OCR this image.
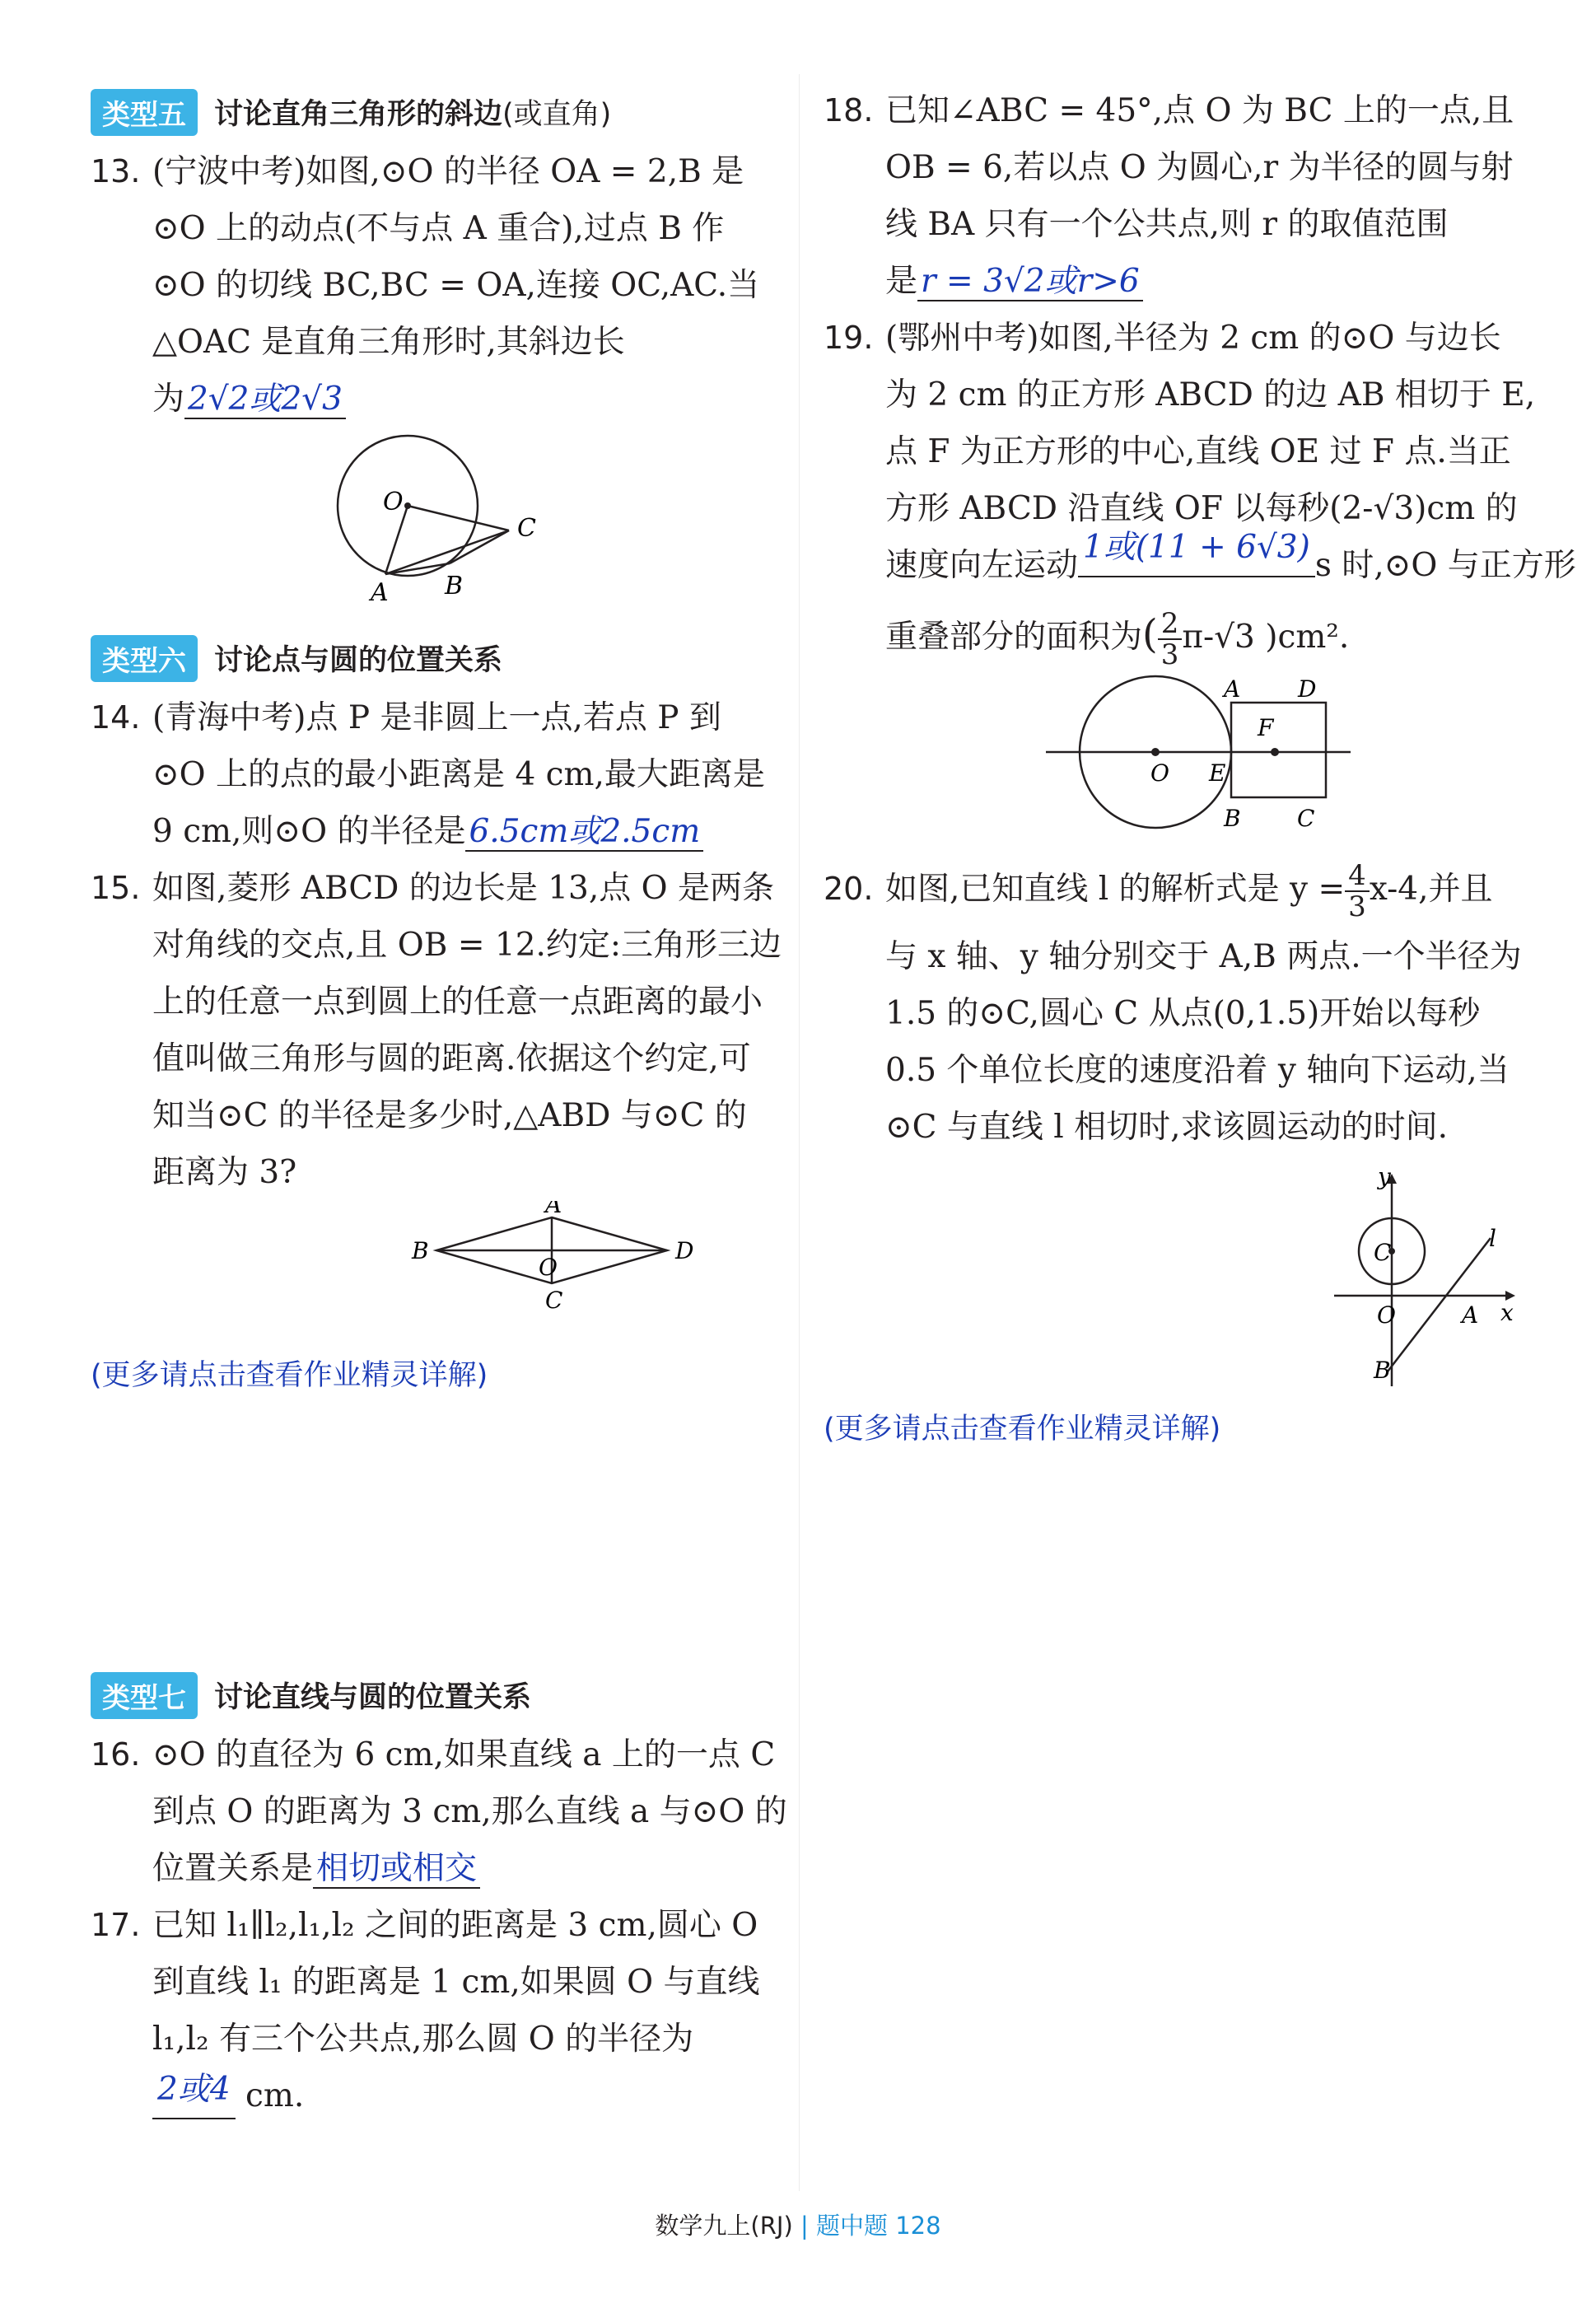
类型五 讨论直角三角形的斜边 (或直角)
13. (宁波中考)如图,⊙O 的半径 OA = 2,B 是
⊙O 上的动点(不与点 A 重合),过点 B 作
⊙O 的切线 BC,BC = OA,连接 OC,AC.当
△OAC 是直角三角形时,其斜边长
为 2√2或2√3
O
A B
C
类型六 讨论点与圆的位置关系
14. (青海中考)点 P 是非圆上一点,若点 P 到
⊙O 上的点的最小距离是 4 cm,最大距离是
9 cm,则⊙O 的半径是 6.5cm或2.5cm
15. 如图,菱形 ABCD 的边长是 13,点 O 是两条
对角线的交点,且 OB = 12.约定:三角形三边
上的任意一点到圆上的任意一点距离的最小
值叫做三角形与圆的距离.依据这个约定,可
知当⊙C 的半径是多少时,△ABD 与⊙C 的
距离为 3?
A
B
C
D
O
(更多请点击查看作业精灵详解)
类型七 讨论直线与圆的位置关系
16. ⊙O 的直径为 6 cm,如果直线 a 上的一点 C
到点 O 的距离为 3 cm,那么直线 a 与⊙O 的
位置关系是 相切或相交
17. 已知 l₁∥l₂,l₁,l₂ 之间的距离是 3 cm,圆心 O
到直线 l₁ 的距离是 1 cm,如果圆 O 与直线
l₁,l₂ 有三个公共点,那么圆 O 的半径为
2或4 cm.
18. 已知∠ABC = 45°,点 O 为 BC 上的一点,且
OB = 6,若以点 O 为圆心,r 为半径的圆与射
线 BA 只有一个公共点,则 r 的取值范围
是 r = 3√2或r>6
19. (鄂州中考)如图,半径为 2 cm 的⊙O 与边长
为 2 cm 的正方形 ABCD 的边 AB 相切于 E,
点 F 为正方形的中心,直线 OE 过 F 点.当正
方形 ABCD 沿直线 OF 以每秒(2-√3)cm 的
速度向左运动 1或(11 + 6√3) s 时,⊙O 与正方形
重叠部分的面积为( $\frac{2}{3} \pi-√3$ )cm².
O
A
B C
D
E
F
20. 如图,已知直线 l 的解析式是 $y = \frac{4}{3} x-4$,并且
与 x 轴、y 轴分别交于 A,B 两点.一个半径为
1.5 的⊙C,圆心 C 从点(0,1.5)开始以每秒
0.5 个单位长度的速度沿着 y 轴向下运动,当
⊙C 与直线 l 相切时,求该圆运动的时间.
y
x
C
O	A
B
l
(更多请点击查看作业精灵详解)
数学九上(RJ) | 题中题 128
